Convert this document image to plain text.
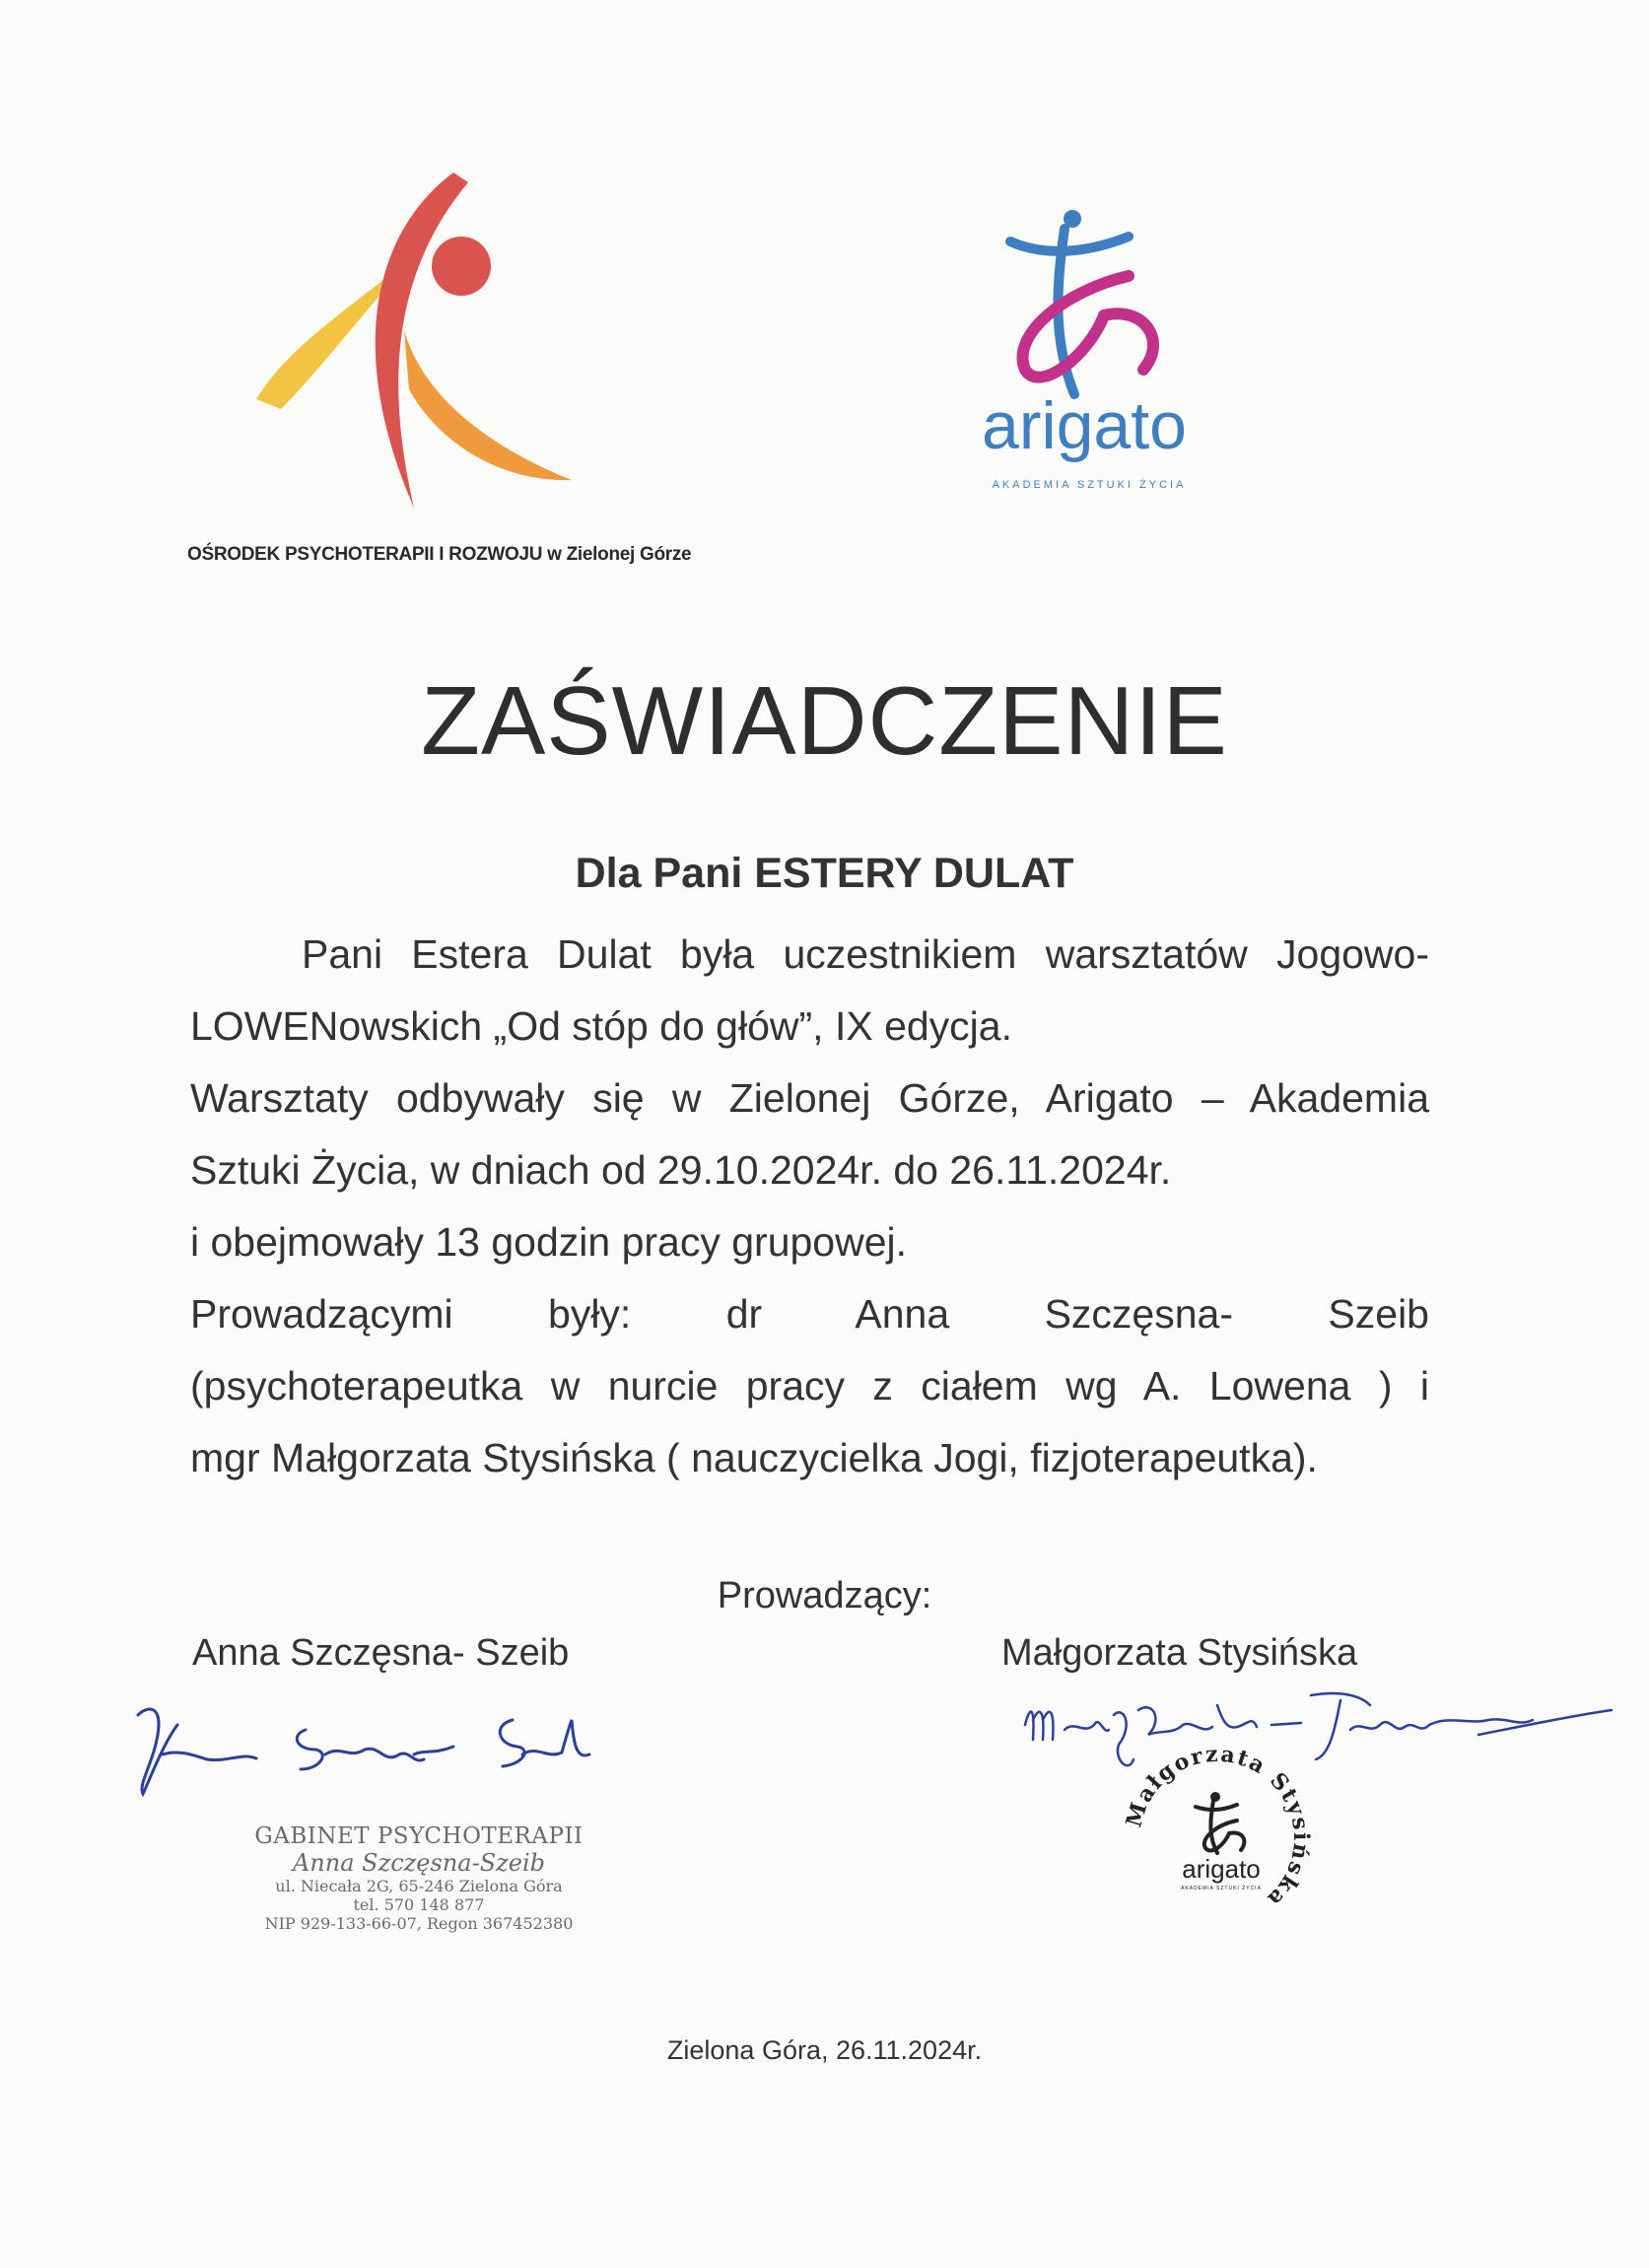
OŚRODEK PSYCHOTERAPII I ROZWOJU w Zielonej Górze
arigato
AKADEMIA SZTUKI ŻYCIA
ZAŚWIADCZENIE
Dla Pani ESTERY DULAT

Pani Estera Dulat była uczestnikiem warsztatów Jogowo-

LOWENowskich „Od stóp do głów”, IX edycja.

Warsztaty odbywały się w Zielonej Górze, Arigato – Akademia

Sztuki Życia, w dniach od 29.10.2024r. do 26.11.2024r.

i obejmowały 13 godzin pracy grupowej.

Prowadzącymi były: dr Anna Szczęsna- Szeib

(psychoterapeutka w nurcie pracy z ciałem wg A. Lowena ) i

mgr Małgorzata Stysińska ( nauczycielka Jogi, fizjoterapeutka).

Prowadzący:
Anna Szczęsna- Szeib	Małgorzata Stysińska
GABINET PSYCHOTERAPII
Anna Szczęsna-Szeib
ul. Niecała 2G, 65-246 Zielona Góra
tel. 570 148 877
NIP 929-133-66-07, Regon 367452380
Małgorzata Stysińska
arigato
AKADEMIA SZTUKI ŻYCIA
Zielona Góra, 26.11.2024r.
